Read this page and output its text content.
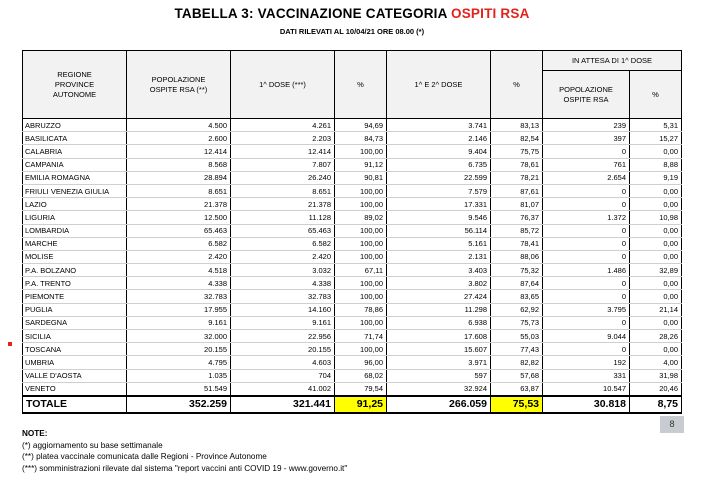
TABELLA 3: VACCINAZIONE CATEGORIA OSPITI RSA
DATI RILEVATI AL 10/04/21 ORE 08.00 (*)
REGIONE PROVINCE AUTONOME	POPOLAZIONE OSPITE RSA (**)	1^ DOSE (***)	%	1^ E 2^ DOSE	%	IN ATTESA DI 1^ DOSE	
						POPOLAZIONE OSPITE RSA	%
ABRUZZO	4.500	4.261	94,69	3.741	83,13	239	5,31
BASILICATA	2.600	2.203	84,73	2.146	82,54	397	15,27
CALABRIA	12.414	12.414	100,00	9.404	75,75	0	0,00
CAMPANIA	8.568	7.807	91,12	6.735	78,61	761	8,88
EMILIA ROMAGNA	28.894	26.240	90,81	22.599	78,21	2.654	9,19
FRIULI VENEZIA GIULIA	8.651	8.651	100,00	7.579	87,61	0	0,00
LAZIO	21.378	21.378	100,00	17.331	81,07	0	0,00
LIGURIA	12.500	11.128	89,02	9.546	76,37	1.372	10,98
LOMBARDIA	65.463	65.463	100,00	56.114	85,72	0	0,00
MARCHE	6.582	6.582	100,00	5.161	78,41	0	0,00
MOLISE	2.420	2.420	100,00	2.131	88,06	0	0,00
P.A. BOLZANO	4.518	3.032	67,11	3.403	75,32	1.486	32,89
P.A. TRENTO	4.338	4.338	100,00	3.802	87,64	0	0,00
PIEMONTE	32.783	32.783	100,00	27.424	83,65	0	0,00
PUGLIA	17.955	14.160	78,86	11.298	62,92	3.795	21,14
SARDEGNA	9.161	9.161	100,00	6.938	75,73	0	0,00
SICILIA	32.000	22.956	71,74	17.608	55,03	9.044	28,26
TOSCANA	20.155	20.155	100,00	15.607	77,43	0	0,00
UMBRIA	4.795	4.603	96,00	3.971	82,82	192	4,00
VALLE D'AOSTA	1.035	704	68,02	597	57,68	331	31,98
VENETO	51.549	41.002	79,54	32.924	63,87	10.547	20,46
TOTALE	352.259	321.441	91,25	266.059	75,53	30.818	8,75
8
NOTE:
(*) aggiornamento su base settimanale
(**) platea vaccinale comunicata dalle Regioni - Province Autonome
(***) somministrazioni rilevate dal sistema "report vaccini anti COVID 19 - www.governo.it"
